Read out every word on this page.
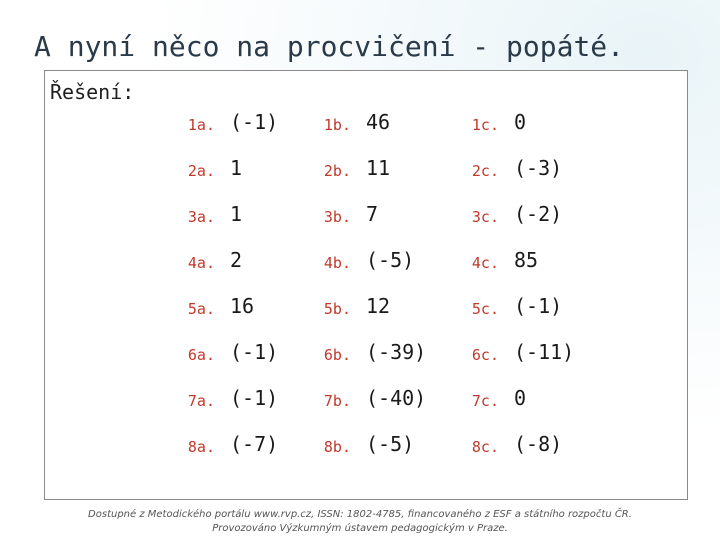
A nyní něco na procvičení - popáté.
Řešení:
1a. (-1)	1b. 46	1c. 0
2a. 1	2b. 11	2c. (-3)
3a. 1	3b. 7	3c. (-2)
4a. 2	4b. (-5)	4c. 85
5a. 16	5b. 12	5c. (-1)
6a. (-1)	6b. (-39)	6c. (-11)
7a. (-1)	7b. (-40)	7c. 0
8a. (-7)	8b. (-5)	8c. (-8)
Dostupné z Metodického portálu www.rvp.cz, ISSN: 1802-4785, financovaného z ESF a státního rozpočtu ČR.
Provozováno Výzkumným ústavem pedagogickým v Praze.
